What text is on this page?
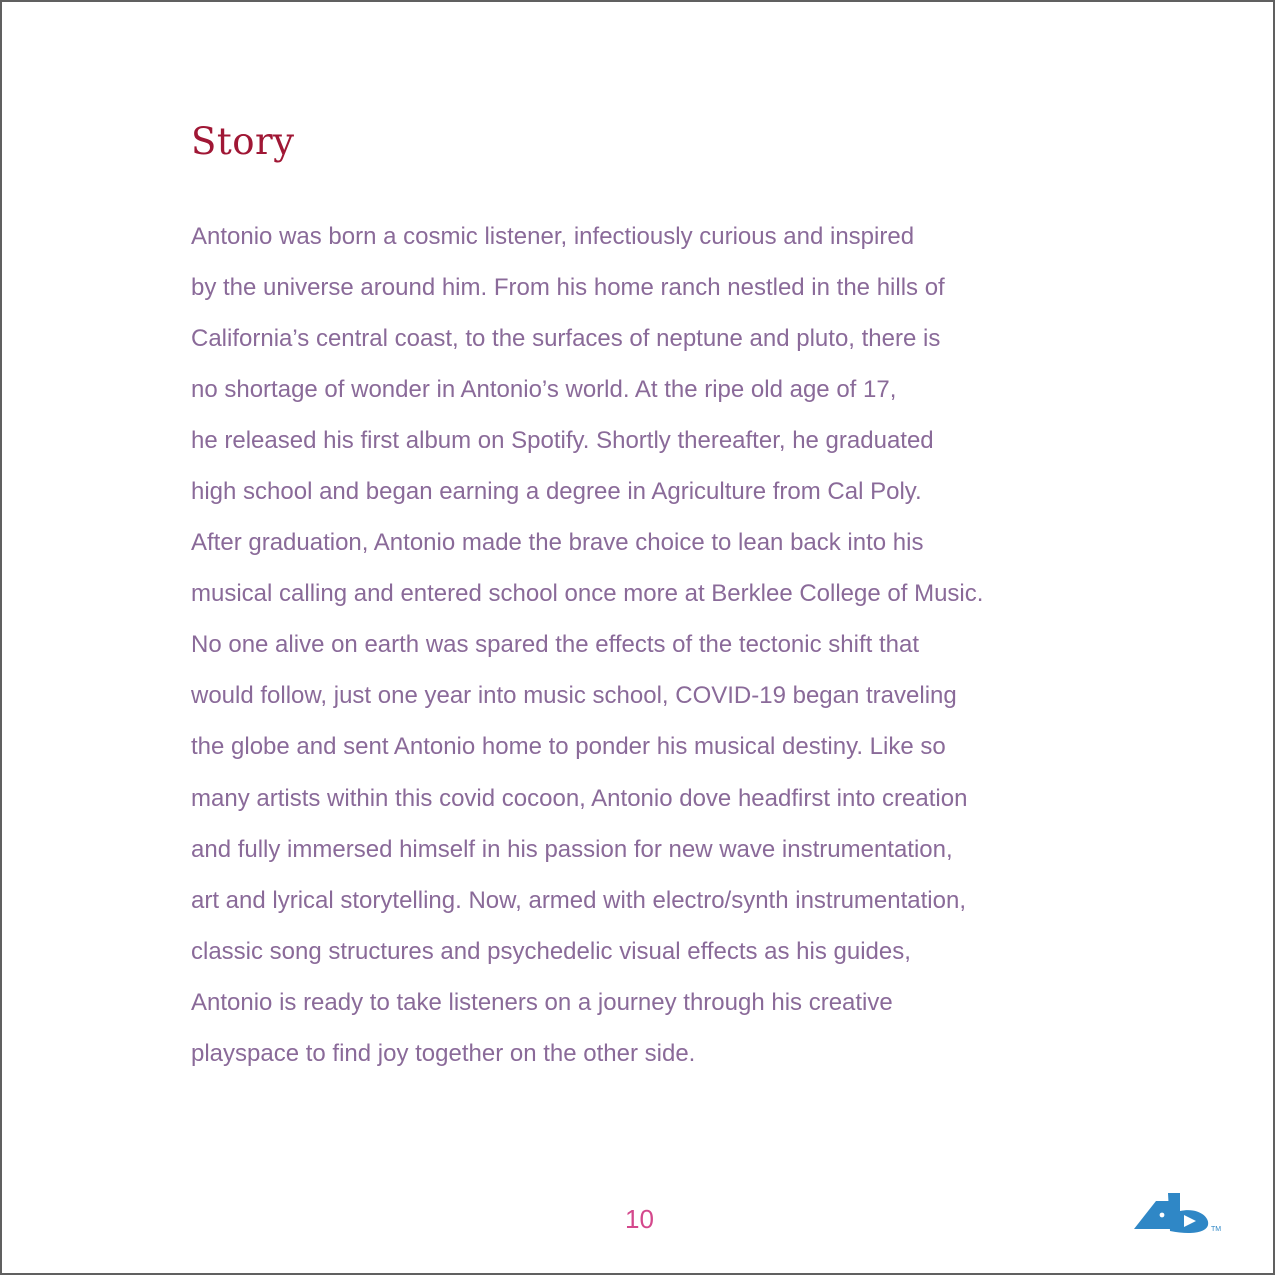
Story
Antonio was born a cosmic listener, infectiously curious and inspired
by the universe around him. From his home ranch nestled in the hills of
California’s central coast, to the surfaces of neptune and pluto, there is
no shortage of wonder in Antonio’s world. At the ripe old age of 17,
he released his first album on Spotify. Shortly thereafter, he graduated
high school and began earning a degree in Agriculture from Cal Poly.
After graduation, Antonio made the brave choice to lean back into his
musical calling and entered school once more at Berklee College of Music.
No one alive on earth was spared the effects of the tectonic shift that
would follow, just one year into music school, COVID-19 began traveling
the globe and sent Antonio home to ponder his musical destiny. Like so
many artists within this covid cocoon, Antonio dove headfirst into creation
and fully immersed himself in his passion for new wave instrumentation,
art and lyrical storytelling. Now, armed with electro/synth instrumentation,
classic song structures and psychedelic visual effects as his guides,
Antonio is ready to take listeners on a journey through his creative
playspace to find joy together on the other side.
10	TM
